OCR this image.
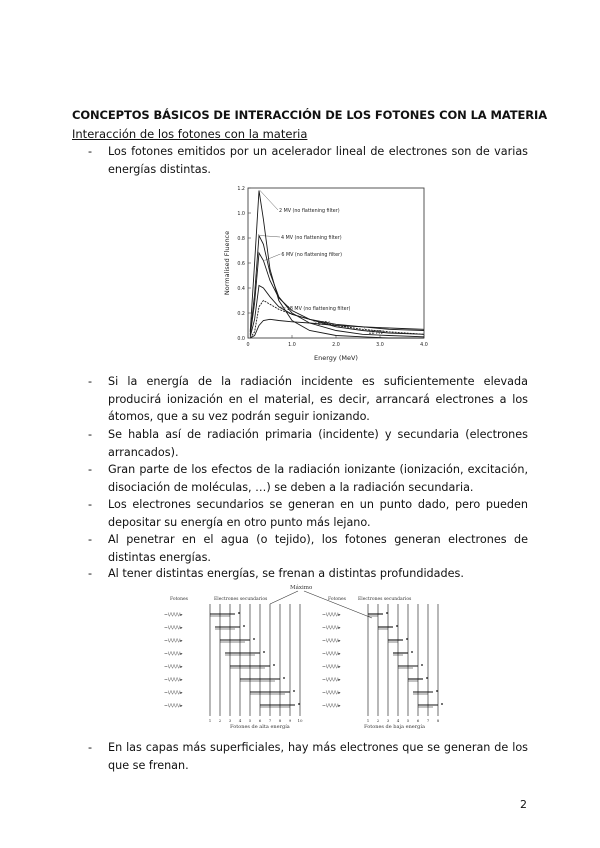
CONCEPTOS BÁSICOS DE INTERACCIÓN DE LOS FOTONES CON LA MATERIA
Interacción de los fotones con la materia
- Los fotones emitidos por un acelerador lineal de electrones son de varias energías distintas.
0.0
0.2
0.4
0.6
0.8
1.0
1.2
0	1.0	2.0	3.0	4.0
2 MV (no flattening filter)
4 MV (no flattening filter)
6 MV (no flattening filter)
18 MV (no flattening filter)
6 MV
18 MV
Energy (MeV)
Normalised Fluence
- Si la energía de la radiación incidente es suficientemente elevada producirá ionización en el material, es decir, arrancará electrones a los átomos, que a su vez podrán seguir ionizando.
- Se habla así de radiación primaria (incidente) y secundaria (electrones arrancados).
- Gran parte de los efectos de la radiación ionizante (ionización, excitación, disociación de moléculas, …) se deben a la radiación secundaria.
- Los electrones secundarios se generan en un punto dado, pero pueden depositar su energía en otro punto más lejano.
- Al penetrar en el agua (o tejido), los fotones generan electrones de distintas energías.
- Al tener distintas energías, se frenan a distintas profundidades.
1 2 3 4 5 6 7 8 9 10
~\/\/\/\/▸
~\/\/\/\/▸
~\/\/\/\/▸
~\/\/\/\/▸
~\/\/\/\/▸
~\/\/\/\/▸
~\/\/\/\/▸
~\/\/\/\/▸
1 2 3 4 5 6 7 8
~\/\/\/\/▸
~\/\/\/\/▸
~\/\/\/\/▸
~\/\/\/\/▸
~\/\/\/\/▸
~\/\/\/\/▸
~\/\/\/\/▸
~\/\/\/\/▸
Máximo
Fotones	Electrones secundarios	Fotones	Electrones secundarios
Fotones de alta energía	Fotones de baja energía
- En las capas más superficiales, hay más electrones que se generan de los que se frenan.
2
